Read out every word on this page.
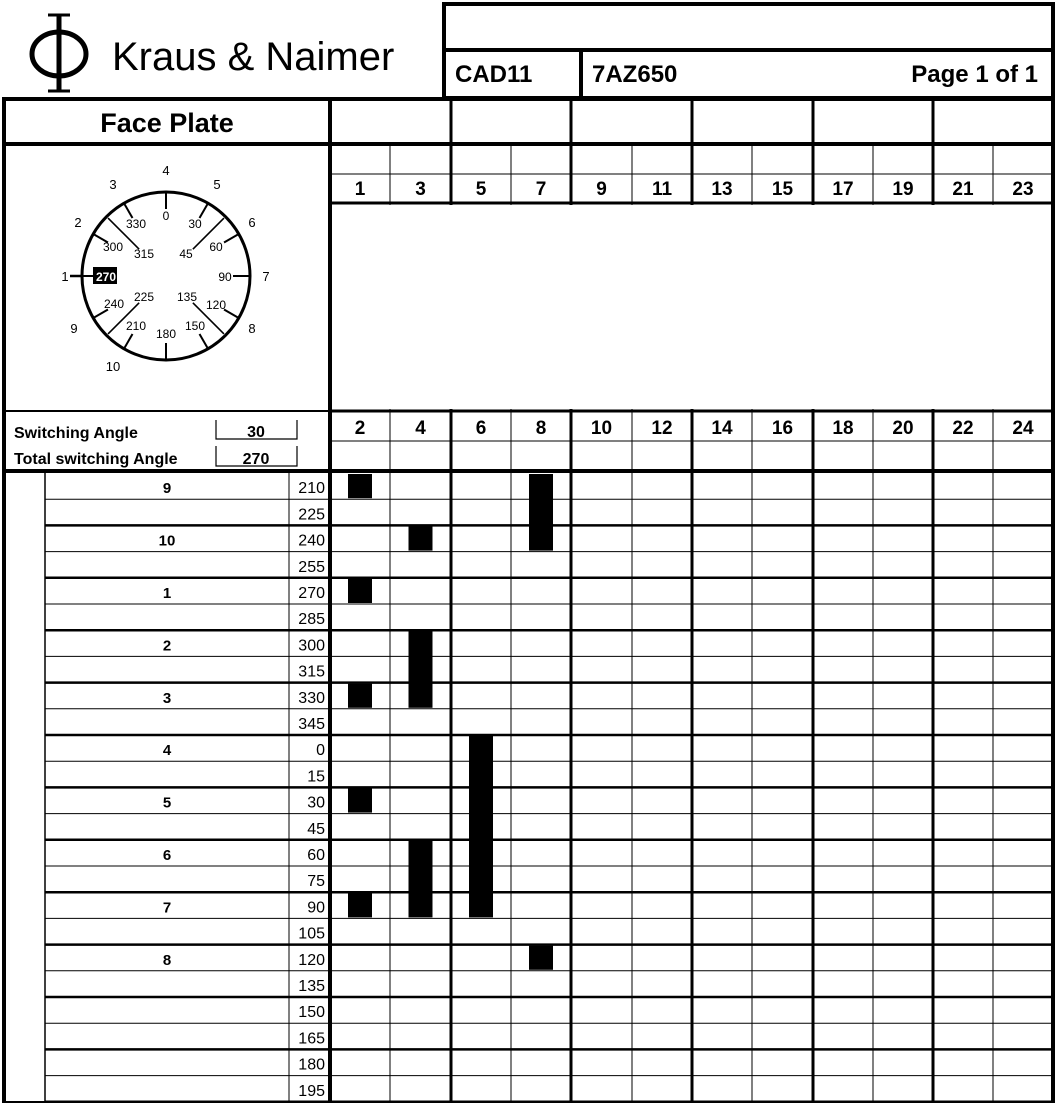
Kraus & Naimer	CAD11 7AZ650	Page 1 of 1
Face Plate
1
2
3
4
5
6
7
8
9
10
0
30
60
90
120
150
180
210
240
270
300
330
45
135
225
315
Switching Angle	30
Total switching Angle	270
1	3	5	7	9 11 13 15 17 19 21 23
2	4	6	8 10 12 14 16 18 20 22 24
9	210
225
10	240
255
1	270
285
2	300
315
3	330
345
4	0
15
5	30
45
6	60
75
7	90
105
8	120
135
150
165
180
195
